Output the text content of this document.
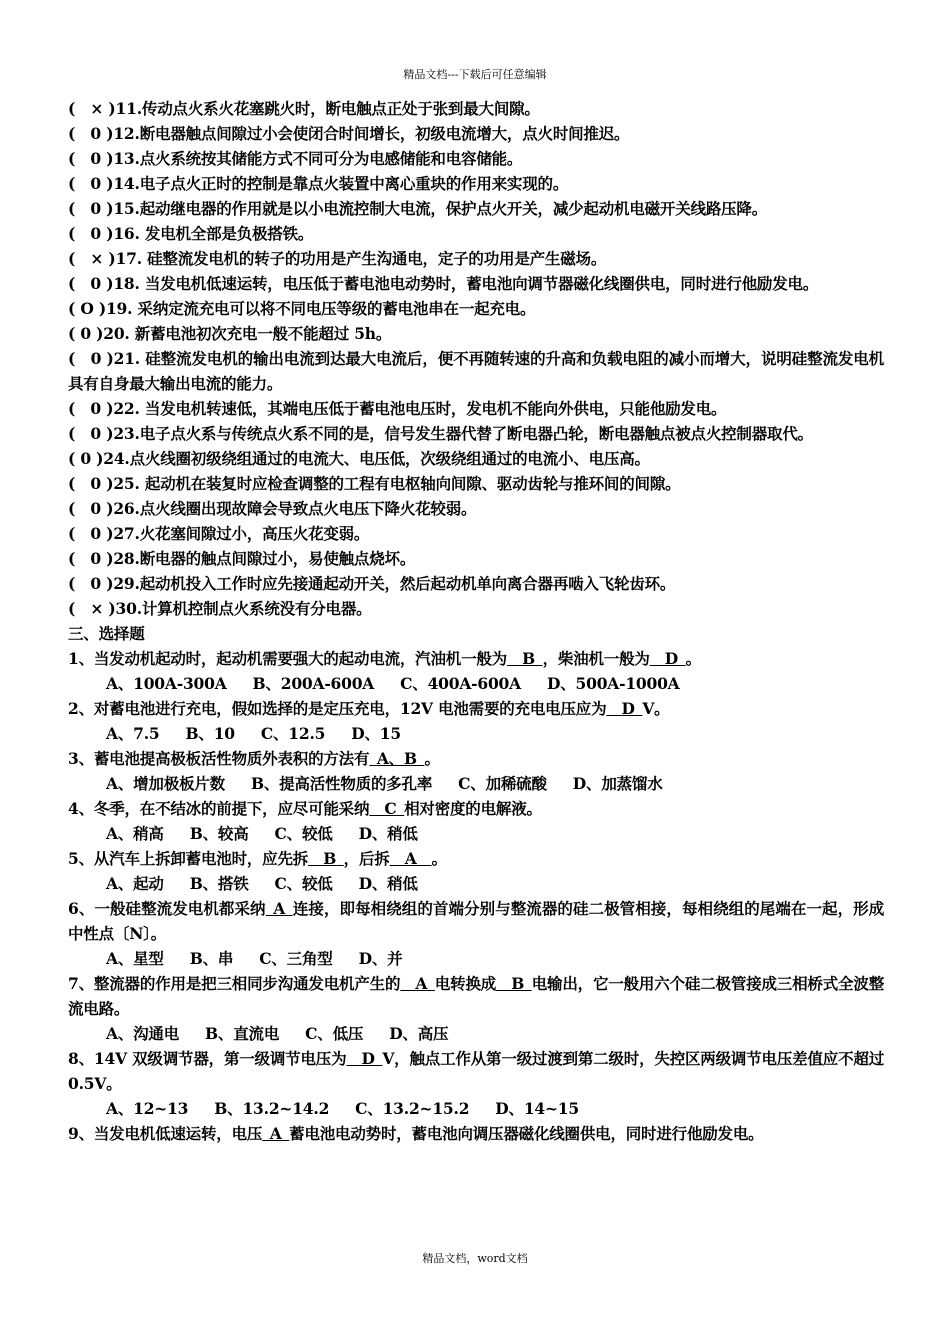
精品文档---下载后可任意编辑

(　× )11.传动点火系火花塞跳火时，断电触点正处于张到最大间隙。

(　0 )12.断电器触点间隙过小会使闭合时间增长，初级电流增大，点火时间推迟。

(　0 )13.点火系统按其储能方式不同可分为电感储能和电容储能。

(　0 )14.电子点火正时的控制是靠点火装置中离心重块的作用来实现的。

(　0 )15.起动继电器的作用就是以小电流控制大电流，保护点火开关，减少起动机电磁开关线路压降。

(　0 )16. 发电机全部是负极搭铁。

(　× )17. 硅整流发电机的转子的功用是产生沟通电，定子的功用是产生磁场。

(　0 )18. 当发电机低速运转，电压低于蓄电池电动势时，蓄电池向调节器磁化线圈供电，同时进行他励发电。

( O )19. 采纳定流充电可以将不同电压等级的蓄电池串在一起充电。

( 0 )20. 新蓄电池初次充电一般不能超过 5h。

(　0 )21. 硅整流发电机的输出电流到达最大电流后，便不再随转速的升高和负载电阻的减小而增大，说明硅整流发电机具有自身最大输出电流的能力。

(　0 )22. 当发电机转速低，其端电压低于蓄电池电压时，发电机不能向外供电，只能他励发电。

(　0 )23.电子点火系与传统点火系不同的是，信号发生器代替了断电器凸轮，断电器触点被点火控制器取代。

( 0 )24.点火线圈初级绕组通过的电流大、电压低，次级绕组通过的电流小、电压高。

(　0 )25. 起动机在装复时应检查调整的工程有电枢轴向间隙、驱动齿轮与推环间的间隙。

(　0 )26.点火线圈出现故障会导致点火电压下降火花较弱。

(　0 )27.火花塞间隙过小，高压火花变弱。

(　0 )28.断电器的触点间隙过小，易使触点烧坏。

(　0 )29.起动机投入工作时应先接通起动开关，然后起动机单向离合器再啮入飞轮齿环。

(　× )30.计算机控制点火系统没有分电器。

三、选择题

1、当发动机起动时，起动机需要强大的起动电流，汽油机一般为   B  ，柴油机一般为   D  。

A、100A-300A B、200A-600A C、400A-600A D、500A-1000A

2、对蓄电池进行充电，假如选择的是定压充电，12V 电池需要的充电电压应为   D  V。

A、7.5 B、10 C、12.5 D、15

3、蓄电池提高极板活性物质外表积的方法有  A、B  。

A、增加极板片数 B、提高活性物质的多孔率 C、加稀硫酸 D、加蒸馏水

4、冬季，在不结冰的前提下，应尽可能采纳   C  相对密度的电解液。

A、稍高 B、较高 C、较低 D、稍低

5、从汽车上拆卸蓄电池时，应先拆   B  ，后拆   A   。

A、起动 B、搭铁 C、较低 D、稍低

6、一般硅整流发电机都采纳  A  连接，即每相绕组的首端分别与整流器的硅二极管相接，每相绕组的尾端在一起，形成中性点〔N〕。

A、星型 B、串 C、三角型 D、并

7、整流器的作用是把三相同步沟通发电机产生的   A  电转换成   B  电输出，它一般用六个硅二极管接成三相桥式全波整流电路。

A、沟通电 B、直流电 C、低压 D、高压

8、14V 双级调节器，第一级调节电压为   D  V，触点工作从第一级过渡到第二级时，失控区两级调节电压差值应不超过 0.5V。

A、12~13 B、13.2~14.2 C、13.2~15.2 D、14~15

9、当发电机低速运转，电压  A  蓄电池电动势时，蓄电池向调压器磁化线圈供电，同时进行他励发电。

精品文档，word文档
